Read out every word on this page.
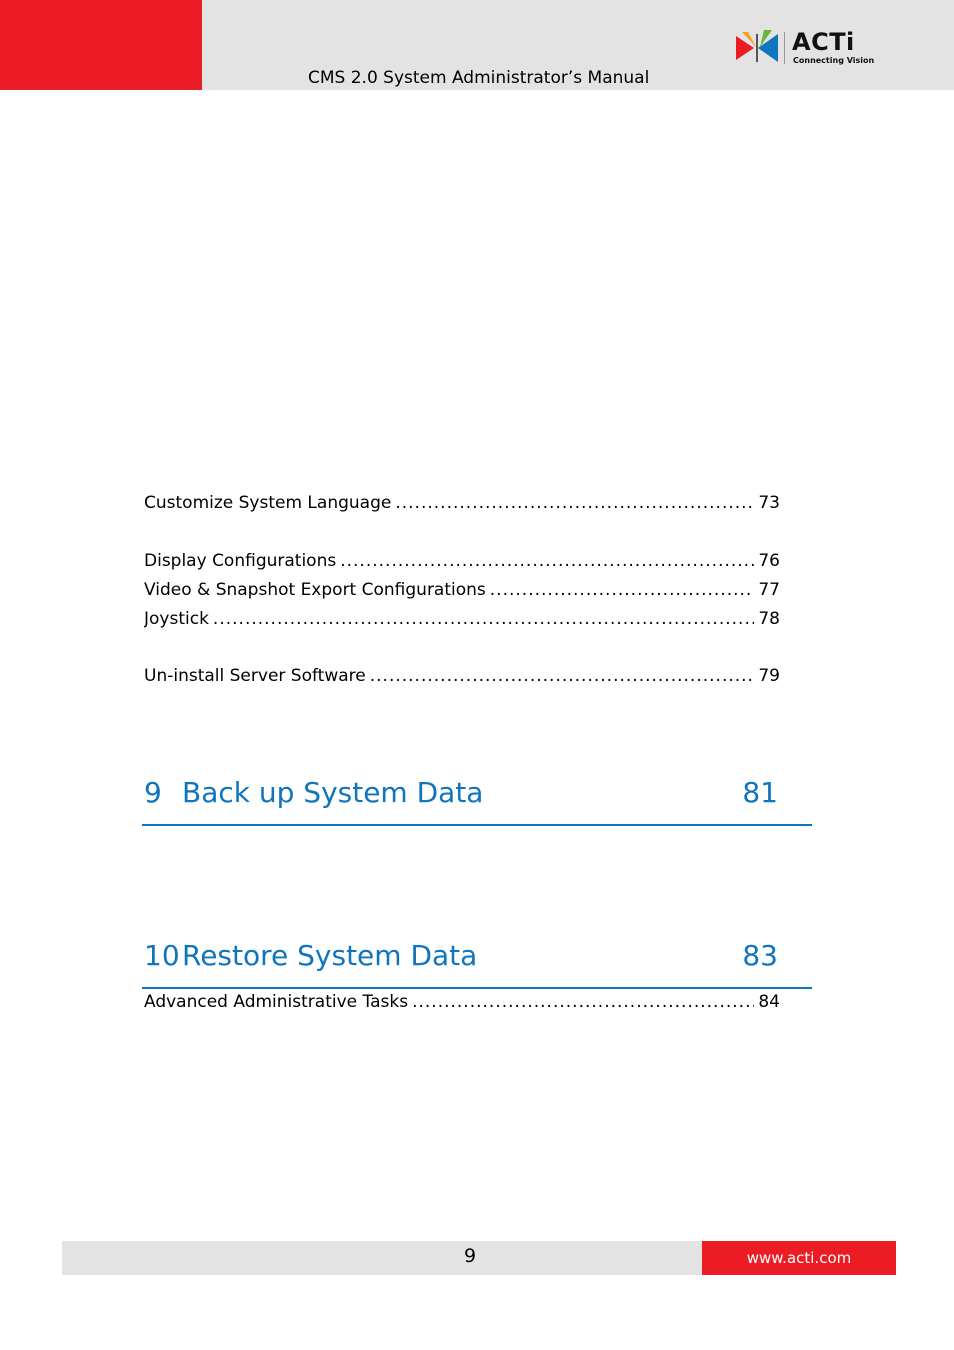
CMS 2.0 System Administrator’s Manual
ACTi
Connecting Vision
Customize System Language .....	73
Display Configurations .....	76
Video & Snapshot Export Configurations .....	77
Joystick .....	78
Un-install Server Software .....	79
9 Back up System Data	81
10 Restore System Data	83
Advanced Administrative Tasks .....	84
9	www.acti.com
